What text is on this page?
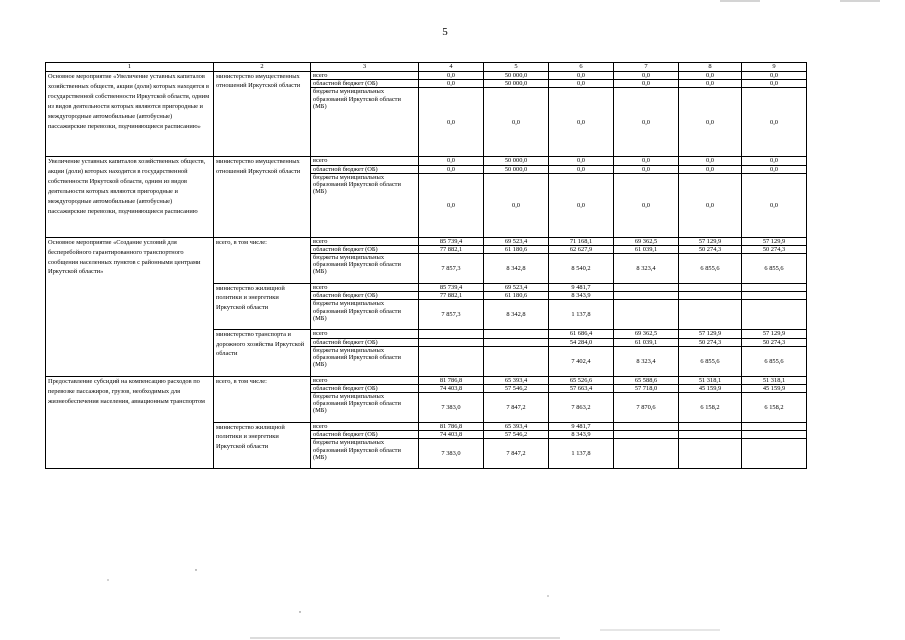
5
1	2	3	4	5	6	7	8	9
Основное мероприятие «Увеличение уставных капиталов хозяйственных обществ, акции (доли) которых находятся в государственной собственности Иркутской области, одним из видов деятельности которых являются пригородные и междугородные автомобильные (автобусные) пассажирские перевозки, подчиняющиеся расписанию»	министерство имущественных отношений Иркутской области	всего	0,0	50 000,0	0,0	0,0	0,0	0,0
		областной бюджет (ОБ)	0,0	50 000,0	0,0	0,0	0,0	0,0
		бюджеты муниципальных образований Иркутской области (МБ)	0,0	0,0	0,0	0,0	0,0	0,0
Увеличение уставных капиталов хозяйственных обществ, акции (доли) которых находятся в государственной собственности Иркутской области, одним из видов деятельности которых являются пригородные и междугородные автомобильные (автобусные) пассажирские перевозки, подчиняющиеся расписанию	министерство имущественных отношений Иркутской области	всего	0,0	50 000,0	0,0	0,0	0,0	0,0
		областной бюджет (ОБ)	0,0	50 000,0	0,0	0,0	0,0	0,0
		бюджеты муниципальных образований Иркутской области (МБ)	0,0	0,0	0,0	0,0	0,0	0,0
Основное мероприятие «Создание условий для бесперебойного гарантированного транспортного сообщения населенных пунктов с районными центрами Иркутской области»	всего, в том числе:	всего	85 739,4	69 523,4	71 168,1	69 362,5	57 129,9	57 129,9
		областной бюджет (ОБ)	77 882,1	61 180,6	62 627,9	61 039,1	50 274,3	50 274,3
		бюджеты муниципальных образований Иркутской области (МБ)	7 857,3	8 342,8	8 540,2	8 323,4	6 855,6	6 855,6
	министерство жилищной политики и энергетики Иркутской области	всего	85 739,4	69 523,4	9 481,7			
		областной бюджет (ОБ)	77 882,1	61 180,6	8 343,9			
		бюджеты муниципальных образований Иркутской области (МБ)	7 857,3	8 342,8	1 137,8			
	министерство транспорта и дорожного хозяйства Иркутской области	всего			61 686,4	69 362,5	57 129,9	57 129,9
		областной бюджет (ОБ)			54 284,0	61 039,1	50 274,3	50 274,3
		бюджеты муниципальных образований Иркутской области (МБ)			7 402,4	8 323,4	6 855,6	6 855,6
Предоставление субсидий на компенсацию расходов по перевозке пассажиров, грузов, необходимых для жизнеобеспечения населения, авиационным транспортом	всего, в том числе:	всего	81 786,8	65 393,4	65 526,6	65 588,6	51 318,1	51 318,1
		областной бюджет (ОБ)	74 403,8	57 546,2	57 663,4	57 718,0	45 159,9	45 159,9
		бюджеты муниципальных образований Иркутской области (МБ)	7 383,0	7 847,2	7 863,2	7 870,6	6 158,2	6 158,2
	министерство жилищной политики и энергетики Иркутской области	всего	81 786,8	65 393,4	9 481,7			
		областной бюджет (ОБ)	74 403,8	57 546,2	8 343,9			
		бюджеты муниципальных образований Иркутской области (МБ)	7 383,0	7 847,2	1 137,8			
